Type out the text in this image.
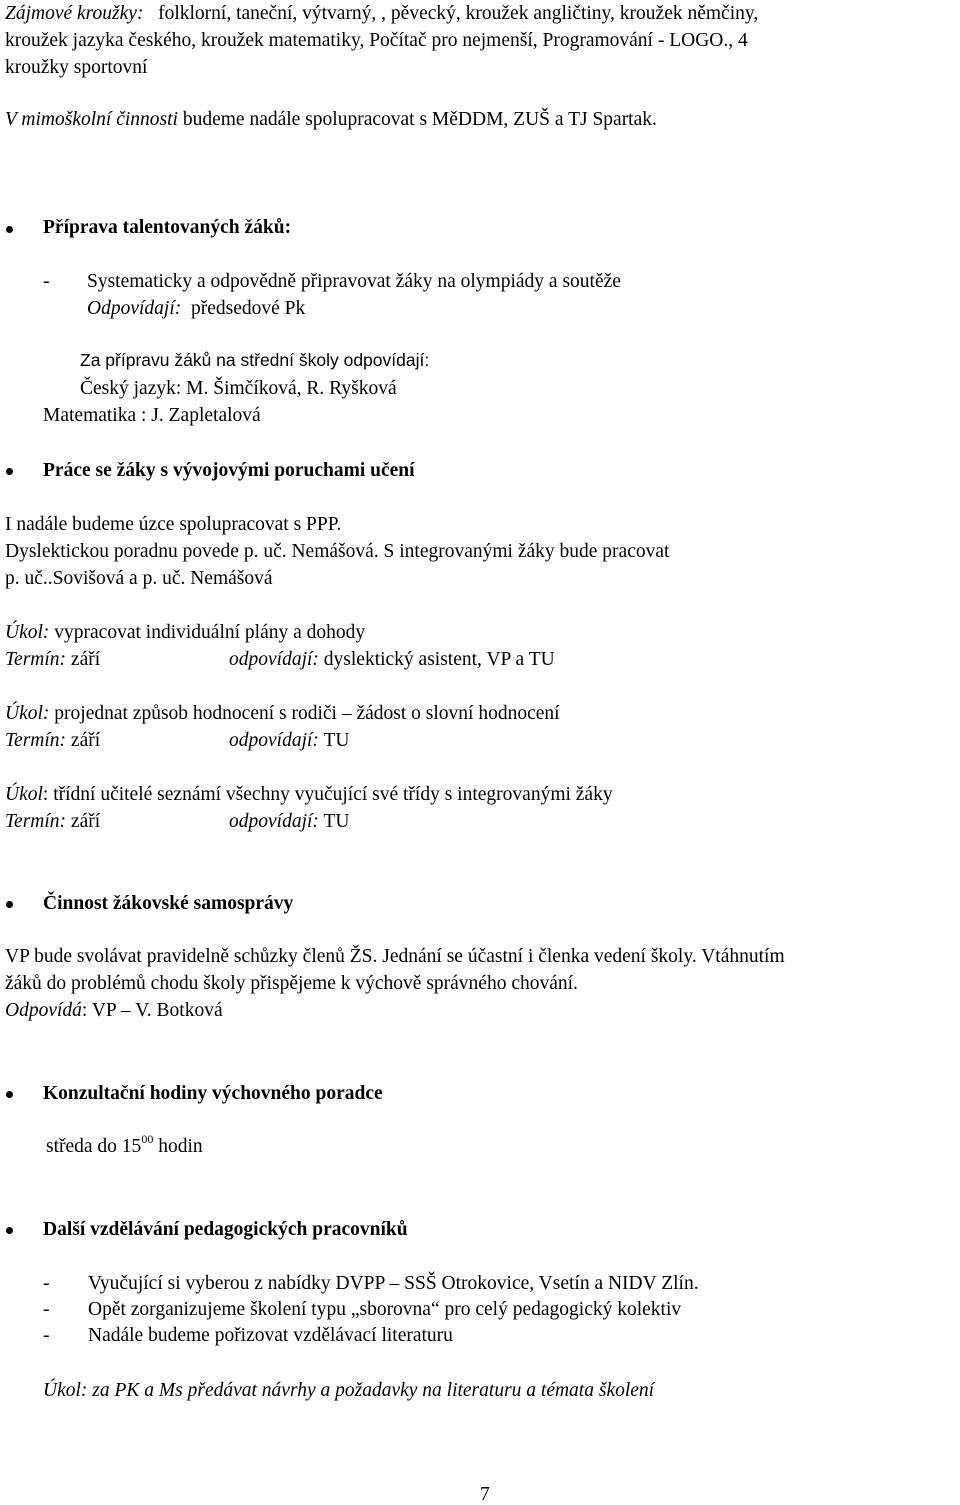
Zájmové kroužky: folklorní, taneční, výtvarný, , pěvecký, kroužek angličtiny, kroužek němčiny,
kroužek jazyka českého, kroužek matematiky, Počítač pro nejmenší, Programování - LOGO., 4
kroužky sportovní
V mimoškolní činnosti budeme nadále spolupracovat s MěDDM, ZUŠ a TJ Spartak.
Příprava talentovaných žáků:
- Systematicky a odpovědně připravovat žáky na olympiády a soutěže
Odpovídají: předsedové Pk
Za přípravu žáků na střední školy odpovídají:
Český jazyk: M. Šimčíková, R. Ryšková
Matematika : J. Zapletalová
Práce se žáky s vývojovými poruchami učení
I nadále budeme úzce spolupracovat s PPP.
Dyslektickou poradnu povede p. uč. Nemášová. S integrovanými žáky bude pracovat
p. uč..Sovišová a p. uč. Nemášová
Úkol: vypracovat individuální plány a dohody
Termín: září	odpovídají: dyslektický asistent, VP a TU
Úkol: projednat způsob hodnocení s rodiči – žádost o slovní hodnocení
Termín: září	odpovídají: TU
Úkol: třídní učitelé seznámí všechny vyučující své třídy s integrovanými žáky
Termín: září	odpovídají: TU
Činnost žákovské samosprávy
VP bude svolávat pravidelně schůzky členů ŽS. Jednání se účastní i členka vedení školy. Vtáhnutím
žáků do problémů chodu školy přispějeme k výchově správného chování.
Odpovídá: VP – V. Botková
Konzultační hodiny výchovného poradce
středa do $15^{00}$ hodin
Další vzdělávání pedagogických pracovníků
- Vyučující si vyberou z nabídky DVPP – SSŠ Otrokovice, Vsetín a NIDV Zlín.
- Opět zorganizujeme školení typu „sborovna“ pro celý pedagogický kolektiv
- Nadále budeme pořizovat vzdělávací literaturu
Úkol: za PK a Ms předávat návrhy a požadavky na literaturu a témata školení
7
